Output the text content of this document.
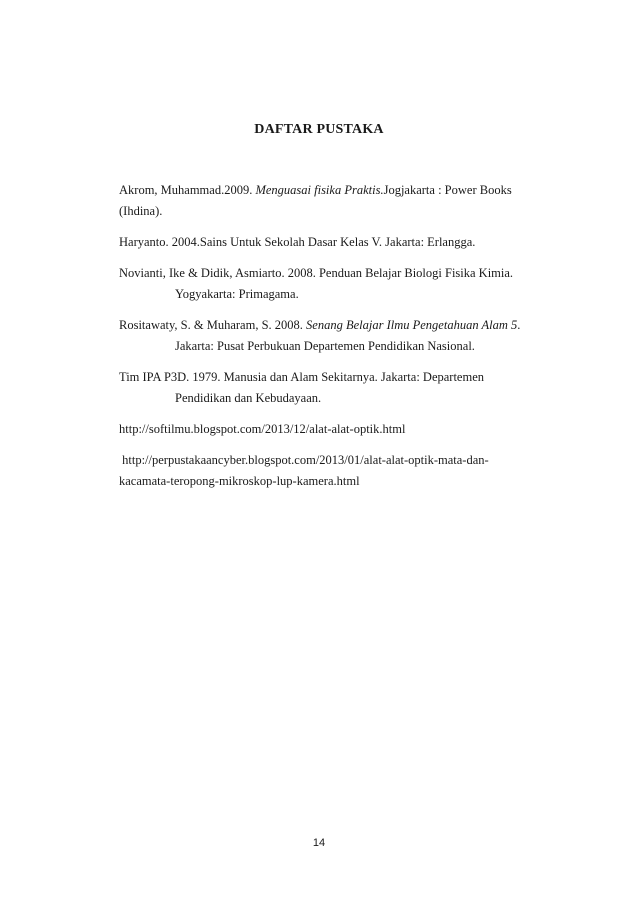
DAFTAR PUSTAKA
Akrom, Muhammad.2009. Menguasai fisika Praktis.Jogjakarta : Power Books
(Ihdina).
Haryanto. 2004.Sains Untuk Sekolah Dasar Kelas V. Jakarta: Erlangga.
Novianti, Ike & Didik, Asmiarto. 2008. Penduan Belajar Biologi Fisika Kimia.
Yogyakarta: Primagama.
Rositawaty, S. & Muharam, S. 2008. Senang Belajar Ilmu Pengetahuan Alam 5.
Jakarta: Pusat Perbukuan Departemen Pendidikan Nasional.
Tim IPA P3D. 1979. Manusia dan Alam Sekitarnya. Jakarta: Departemen
Pendidikan dan Kebudayaan.
http://softilmu.blogspot.com/2013/12/alat-alat-optik.html
http://perpustakaancyber.blogspot.com/2013/01/alat-alat-optik-mata-dan-
kacamata-teropong-mikroskop-lup-kamera.html
14
